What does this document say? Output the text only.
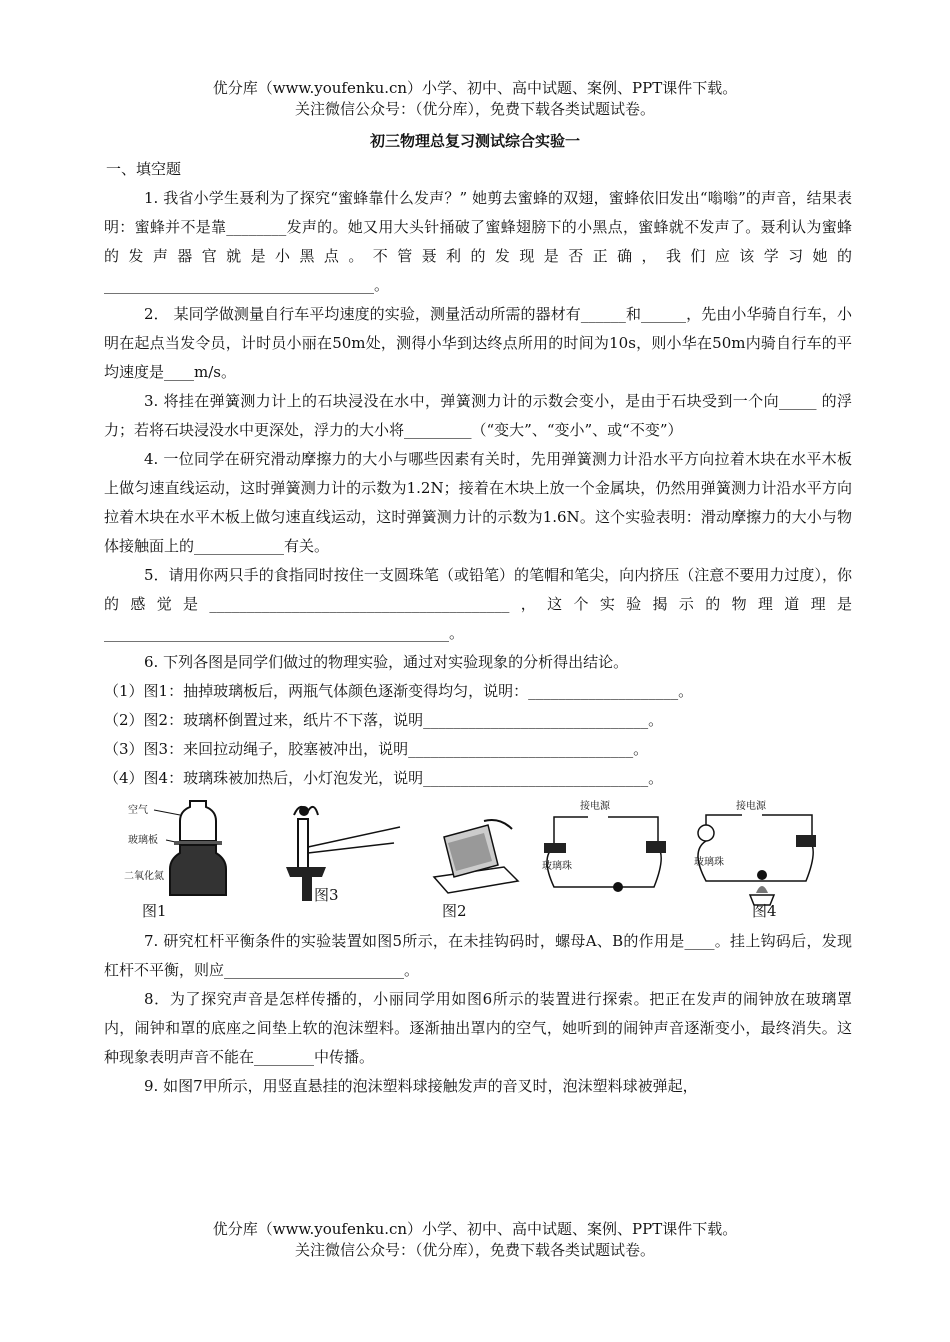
优分库（www.youfenku.cn）小学、初中、高中试题、案例、PPT课件下载。
关注微信公众号：（优分库），免费下载各类试题试卷。
初三物理总复习测试综合实验一
一、填空题

1. 我省小学生聂利为了探究“蜜蜂靠什么发声？” 她剪去蜜蜂的双翅，蜜蜂依旧发出“嗡嗡”的声音，结果表明：蜜蜂并不是靠________发声的。她又用大头针捅破了蜜蜂翅膀下的小黑点，蜜蜂就不发声了。聂利认为蜜蜂的发声器官就是小黑点。不管聂利的发现是否正确，我们应该学习她的____________________________________。

2． 某同学做测量自行车平均速度的实验，测量活动所需的器材有______和______，先由小华骑自行车，小明在起点当发令员，计时员小丽在50m处，测得小华到达终点所用的时间为10s，则小华在50m内骑自行车的平均速度是____m/s。

3. 将挂在弹簧测力计上的石块浸没在水中，弹簧测力计的示数会变小，是由于石块受到一个向_____ 的浮力；若将石块浸没水中更深处，浮力的大小将_________（“变大”、“变小”、或“不变”）

4. 一位同学在研究滑动摩擦力的大小与哪些因素有关时，先用弹簧测力计沿水平方向拉着木块在水平木板上做匀速直线运动，这时弹簧测力计的示数为1.2N；接着在木块上放一个金属块，仍然用弹簧测力计沿水平方向拉着木块在水平木板上做匀速直线运动，这时弹簧测力计的示数为1.6N。这个实验表明：滑动摩擦力的大小与物体接触面上的____________有关。

5．请用你两只手的食指同时按住一支圆珠笔（或铅笔）的笔帽和笔尖，向内挤压（注意不要用力过度），你的感觉是________________________________________，这个实验揭示的物理道理是______________________________________________。

6. 下列各图是同学们做过的物理实验，通过对实验现象的分析得出结论。

（1）图1：抽掉玻璃板后，两瓶气体颜色逐渐变得均匀，说明：____________________。

（2）图2：玻璃杯倒置过来，纸片不下落，说明______________________________。

（3）图3：来回拉动绳子，胶塞被冲出，说明______________________________。

（4）图4：玻璃珠被加热后，小灯泡发光，说明______________________________。

空气
玻璃板
二氧化氮
图1
图3
图2
接电源
玻璃珠
接电源
玻璃珠
图4

7. 研究杠杆平衡条件的实验装置如图5所示，在未挂钩码时，螺母A、B的作用是____。挂上钩码后，发现杠杆不平衡，则应________________________。

8．为了探究声音是怎样传播的，小丽同学用如图6所示的装置进行探索。把正在发声的闹钟放在玻璃罩内，闹钟和罩的底座之间垫上软的泡沫塑料。逐渐抽出罩内的空气，她听到的闹钟声音逐渐变小，最终消失。这种现象表明声音不能在________中传播。

9. 如图7甲所示，用竖直悬挂的泡沫塑料球接触发声的音叉时，泡沫塑料球被弹起，

优分库（www.youfenku.cn）小学、初中、高中试题、案例、PPT课件下载。
关注微信公众号：（优分库），免费下载各类试题试卷。
